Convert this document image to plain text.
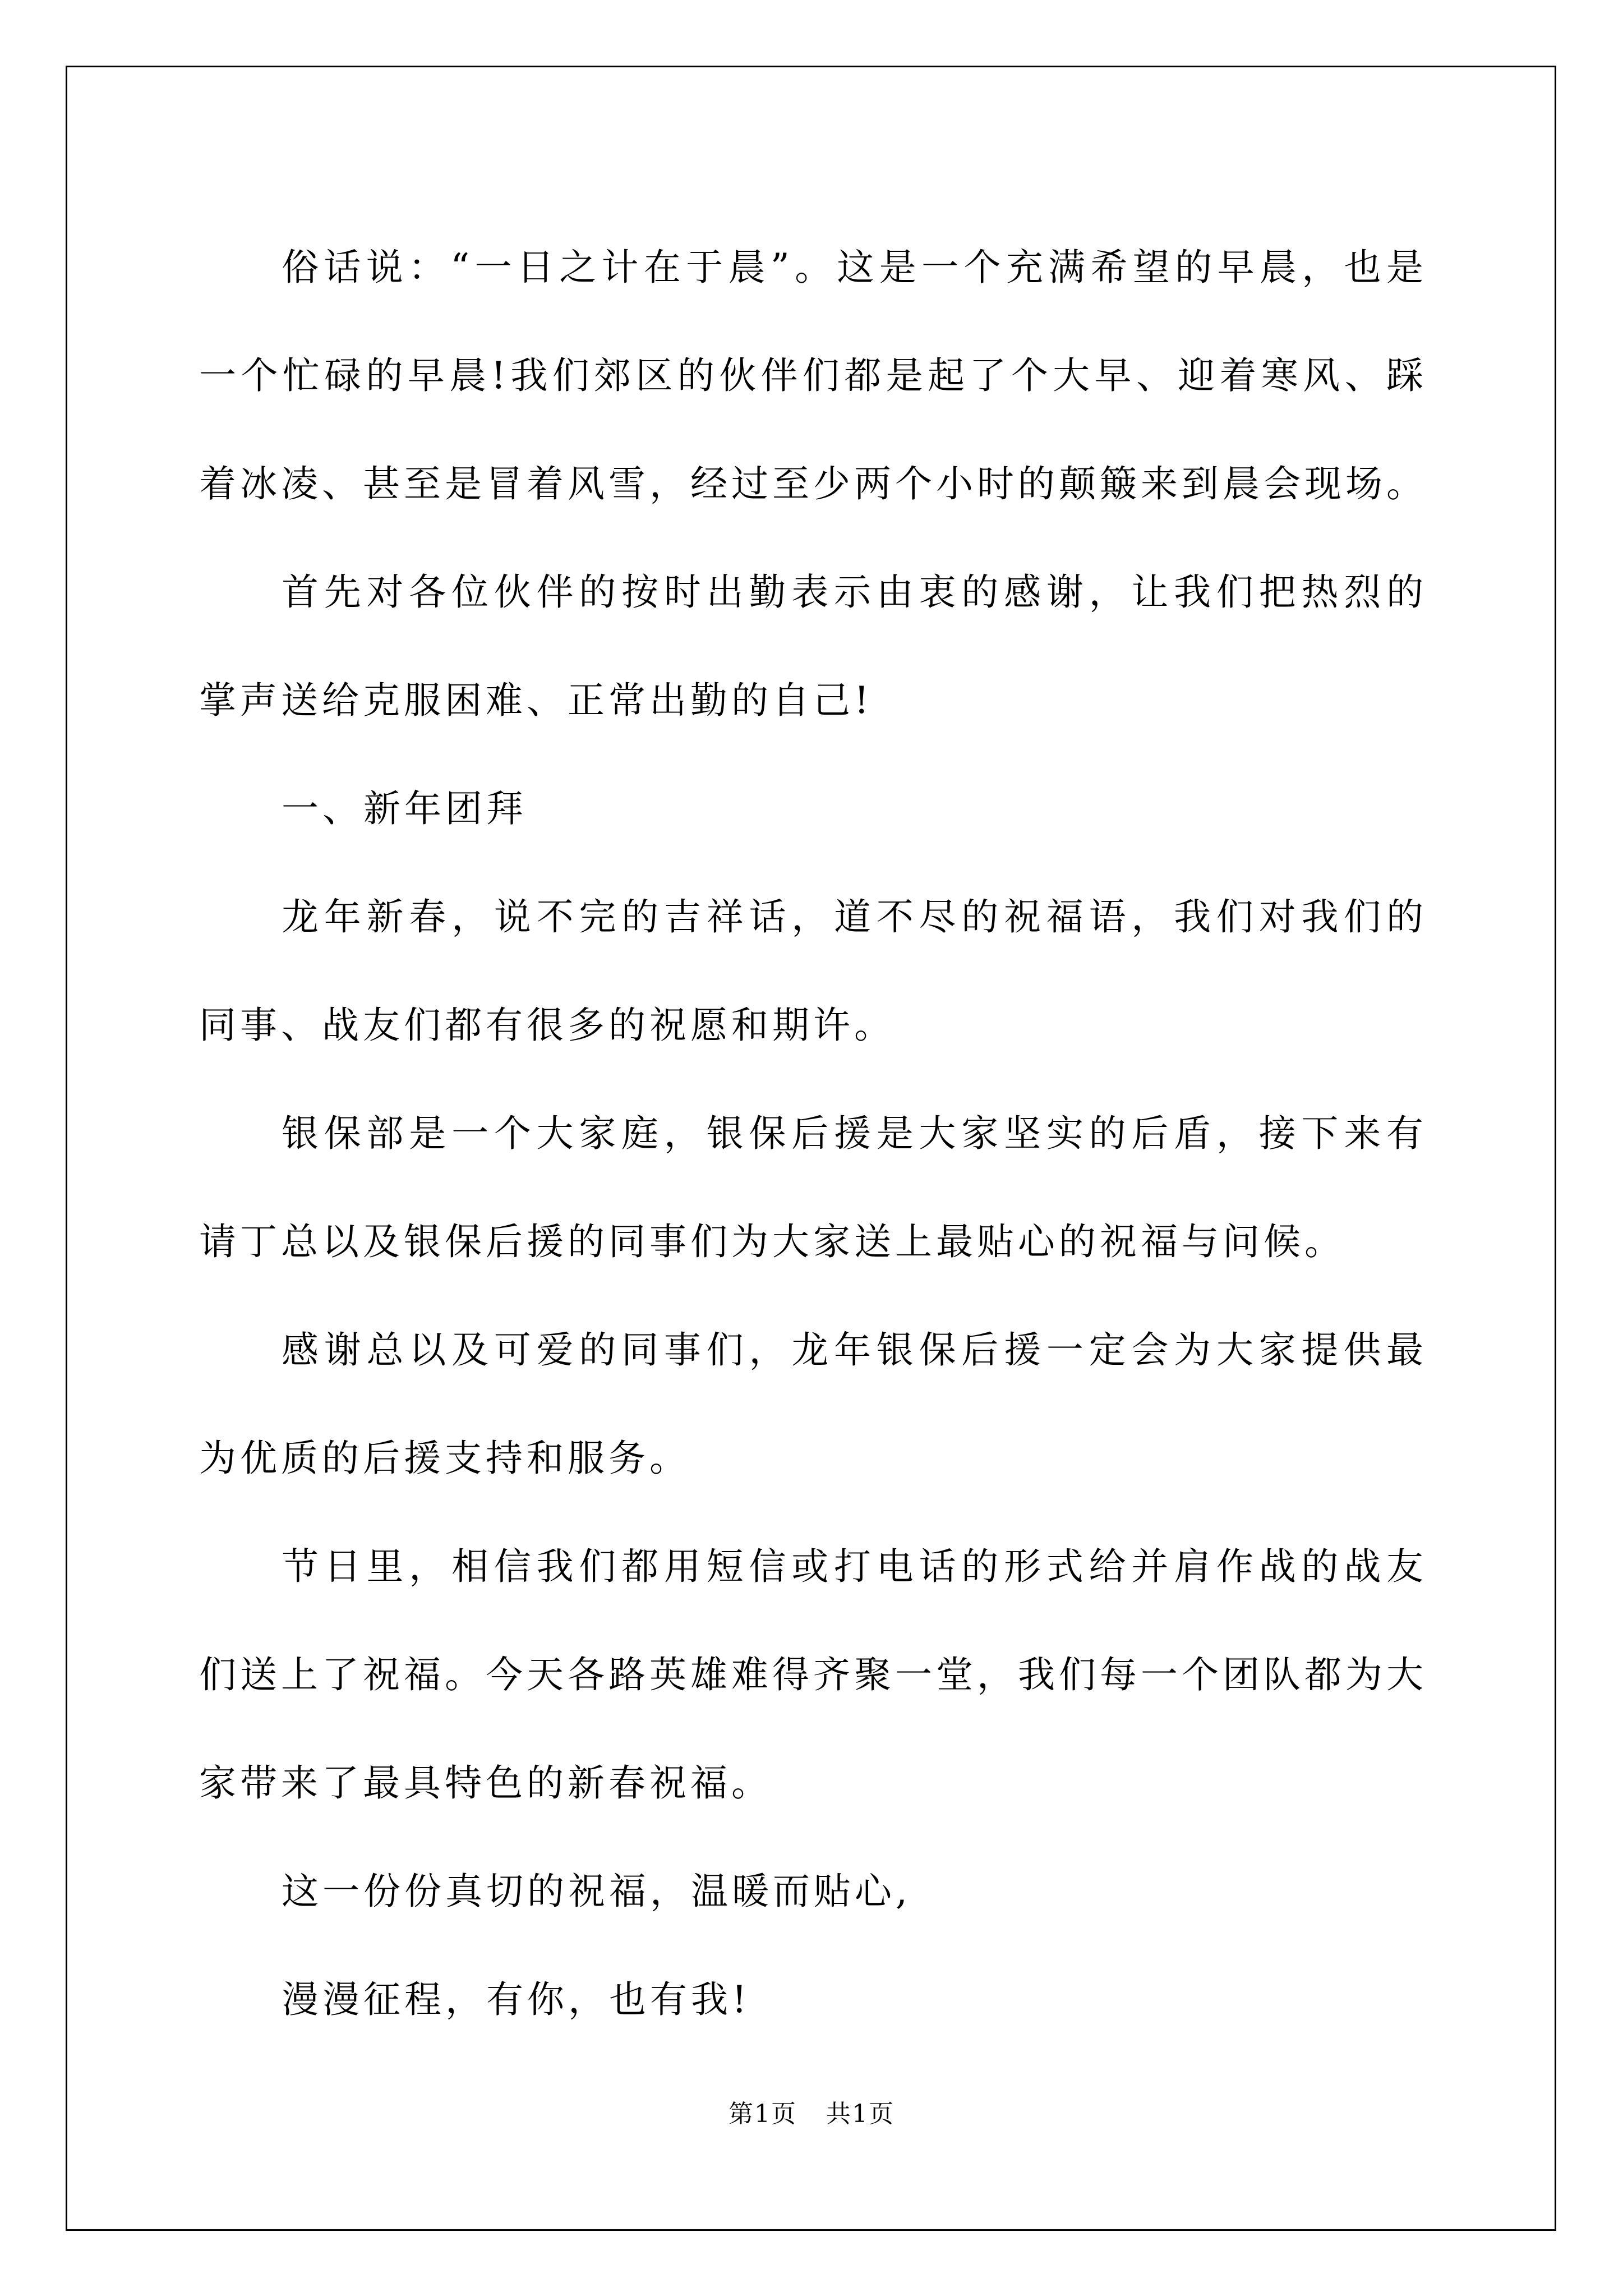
俗话说：“一日之计在于晨”。这是一个充满希望的早晨，也是一个忙碌的早晨!我们郊区的伙伴们都是起了个大早、迎着寒风、踩着冰凌、甚至是冒着风雪，经过至少两个小时的颠簸来到晨会现场。

首先对各位伙伴的按时出勤表示由衷的感谢，让我们把热烈的掌声送给克服困难、正常出勤的自己!

一、新年团拜

龙年新春，说不完的吉祥话，道不尽的祝福语，我们对我们的同事、战友们都有很多的祝愿和期许。

银保部是一个大家庭，银保后援是大家坚实的后盾，接下来有请丁总以及银保后援的同事们为大家送上最贴心的祝福与问候。

感谢总以及可爱的同事们，龙年银保后援一定会为大家提供最为优质的后援支持和服务。

节日里，相信我们都用短信或打电话的形式给并肩作战的战友们送上了祝福。今天各路英雄难得齐聚一堂，我们每一个团队都为大家带来了最具特色的新春祝福。

这一份份真切的祝福，温暖而贴心,

漫漫征程，有你，也有我!

第1页 共1页
